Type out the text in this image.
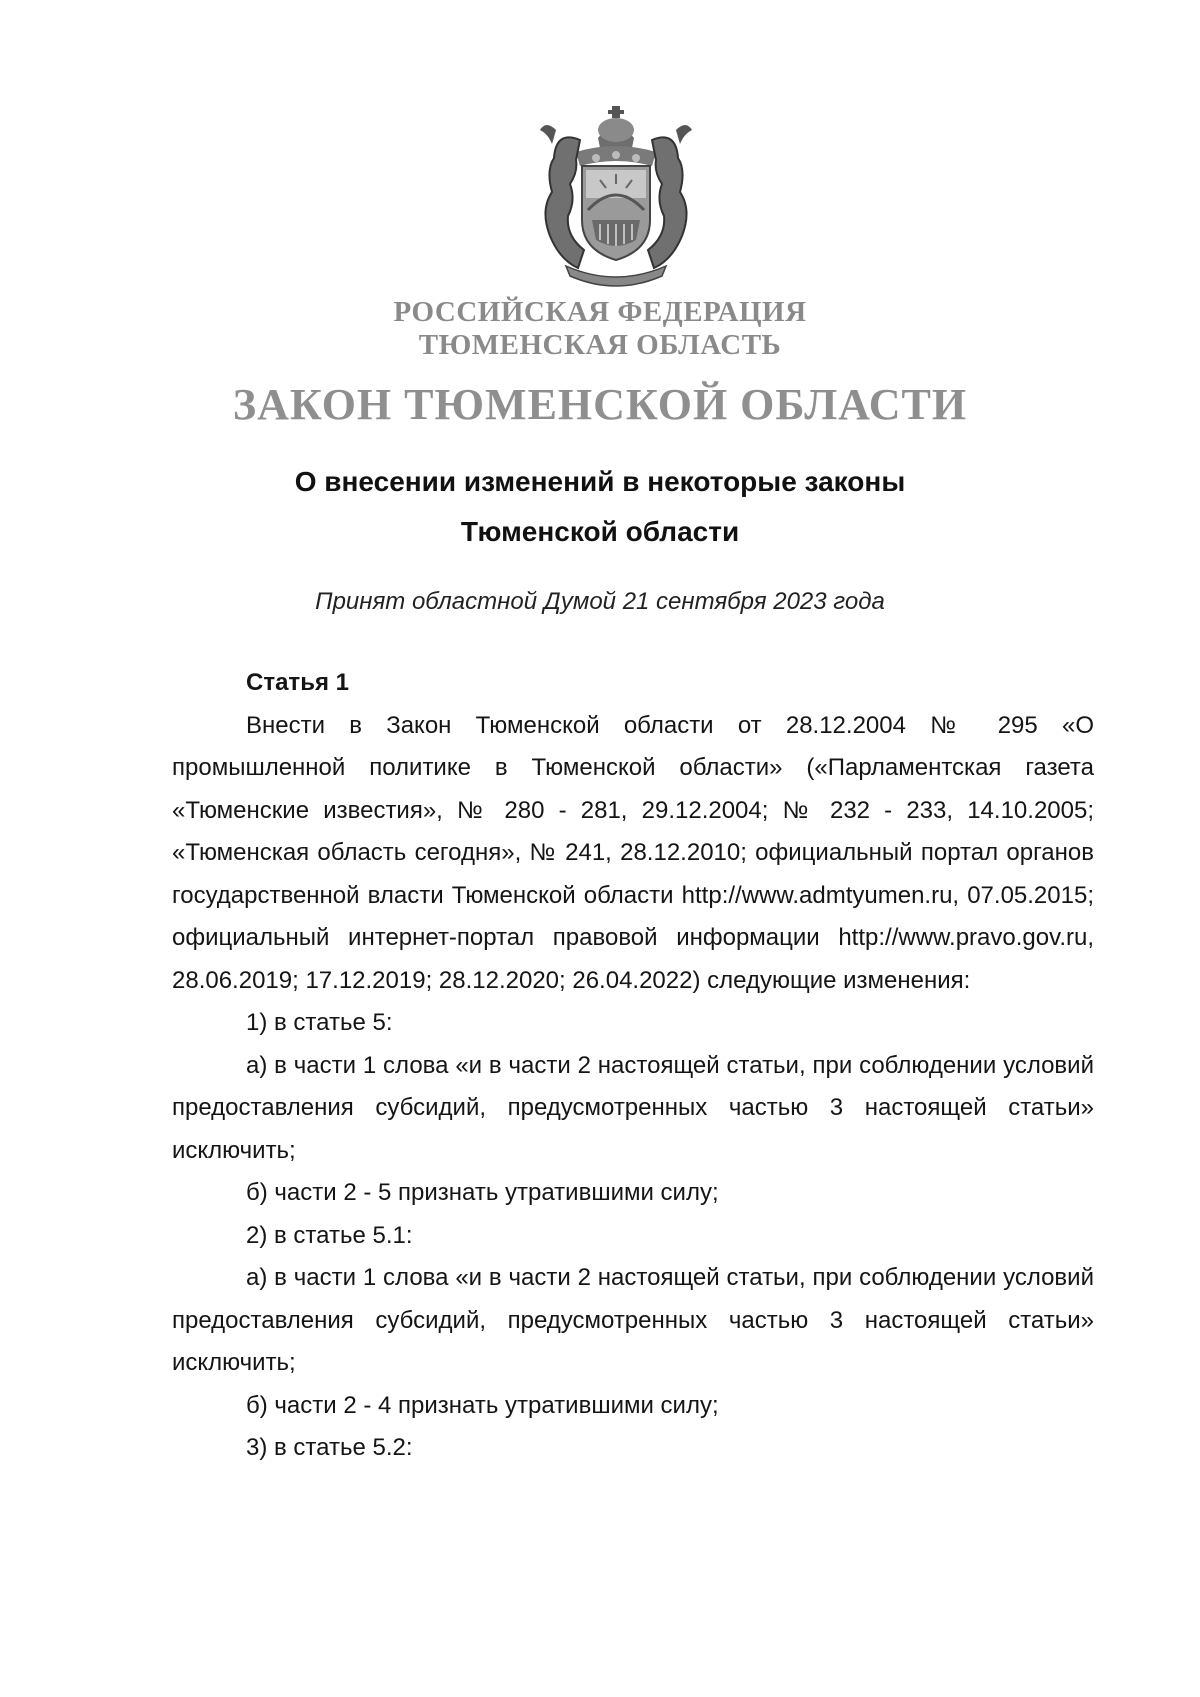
РОССИЙСКАЯ ФЕДЕРАЦИЯ
ТЮМЕНСКАЯ ОБЛАСТЬ
ЗАКОН ТЮМЕНСКОЙ ОБЛАСТИ
О внесении изменений в некоторые законы
Тюменской области
Принят областной Думой 21 сентября 2023 года

Статья 1

Внести в Закон Тюменской области от 28.12.2004 № 295 «О промышленной политике в Тюменской области» («Парламентская газета «Тюменские известия», № 280 - 281, 29.12.2004; № 232 - 233, 14.10.2005; «Тюменская область сегодня», № 241, 28.12.2010; официальный портал органов государственной власти Тюменской области http://www.admtyumen.ru, 07.05.2015; официальный интернет-портал правовой информации http://www.pravo.gov.ru, 28.06.2019; 17.12.2019; 28.12.2020; 26.04.2022) следующие изменения:

1) в статье 5:

а) в части 1 слова «и в части 2 настоящей статьи, при соблюдении условий предоставления субсидий, предусмотренных частью 3 настоящей статьи» исключить;

б) части 2 - 5 признать утратившими силу;

2) в статье 5.1:

а) в части 1 слова «и в части 2 настоящей статьи, при соблюдении условий предоставления субсидий, предусмотренных частью 3 настоящей статьи» исключить;

б) части 2 - 4 признать утратившими силу;

3) в статье 5.2:
